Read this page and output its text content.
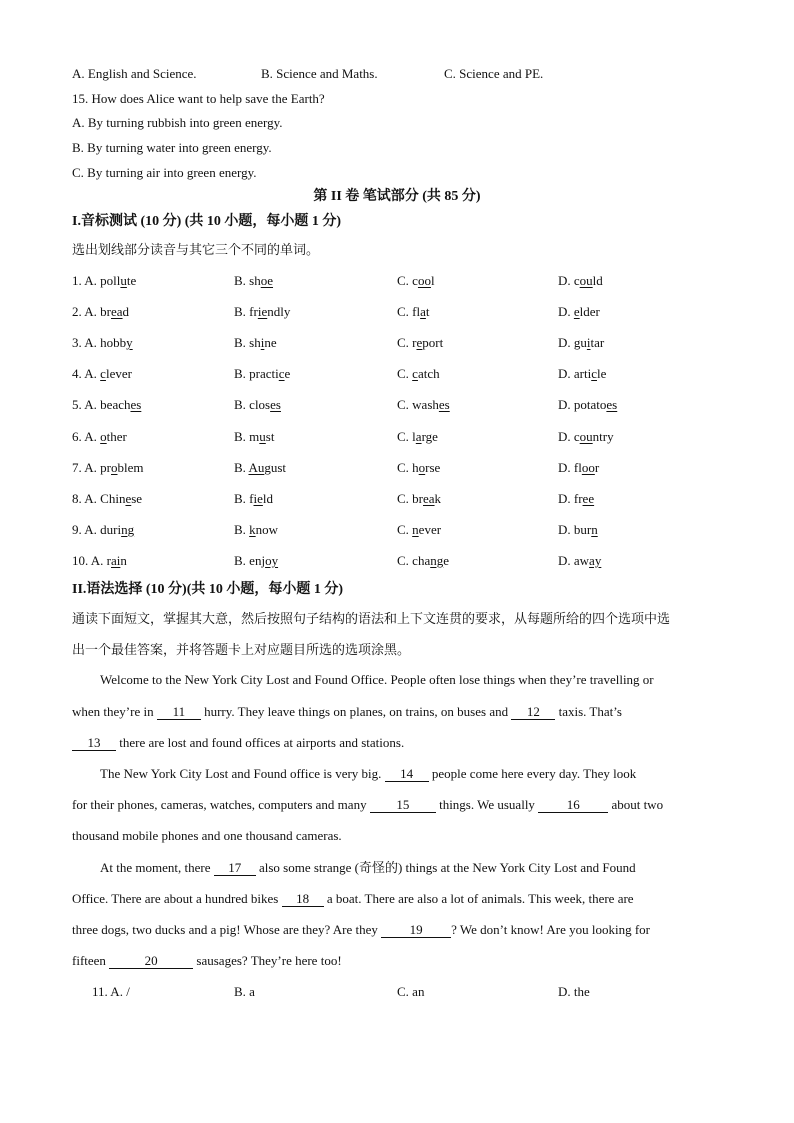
A. English and Science.	B. Science and Maths.	C. Science and PE.
15. How does Alice want to help save the Earth?
A. By turning rubbish into green energy.
B. By turning water into green energy.
C. By turning air into green energy.
第 II 卷 笔试部分 (共 85 分)
I.音标测试 (10 分) (共 10 小题，每小题 1 分)
选出划线部分读音与其它三个不同的单词。
1. A. pollute	B. shoe	C. cool	D. could
2. A. bread	B. friendly	C. flat	D. elder
3. A. hobby	B. shine	C. report	D. guitar
4. A. clever	B. practice	C. catch	D. article
5. A. beaches	B. closes	C. washes	D. potatoes
6. A. other	B. must	C. large	D. country
7. A. problem	B. August	C. horse	D. floor
8. A. Chinese	B. field	C. break	D. free
9. A. during	B. know	C. never	D. burn
10. A. rain	B. enjoy	C. change	D. away
II.语法选择 (10 分)(共 10 小题，每小题 1 分)
通读下面短文，掌握其大意，然后按照句子结构的语法和上下文连贯的要求，从每题所给的四个选项中选
出一个最佳答案，并将答题卡上对应题目所选的选项涂黑。
Welcome to the New York City Lost and Found Office. People often lose things when they’re travelling or
when they’re in 11 hurry. They leave things on planes, on trains, on buses and 12 taxis. That’s
13 there are lost and found offices at airports and stations.
The New York City Lost and Found office is very big. 14 people come here every day. They look
for their phones, cameras, watches, computers and many 15 things. We usually 16 about two
thousand mobile phones and one thousand cameras.
At the moment, there 17 also some strange (奇怪的) things at the New York City Lost and Found
Office. There are about a hundred bikes 18 a boat. There are also a lot of animals. This week, there are
three dogs, two ducks and a pig! Whose are they? Are they 19 ? We don’t know! Are you looking for
fifteen	20	sausages? They’re here too!
11. A. /	B. a	C. an	D. the
